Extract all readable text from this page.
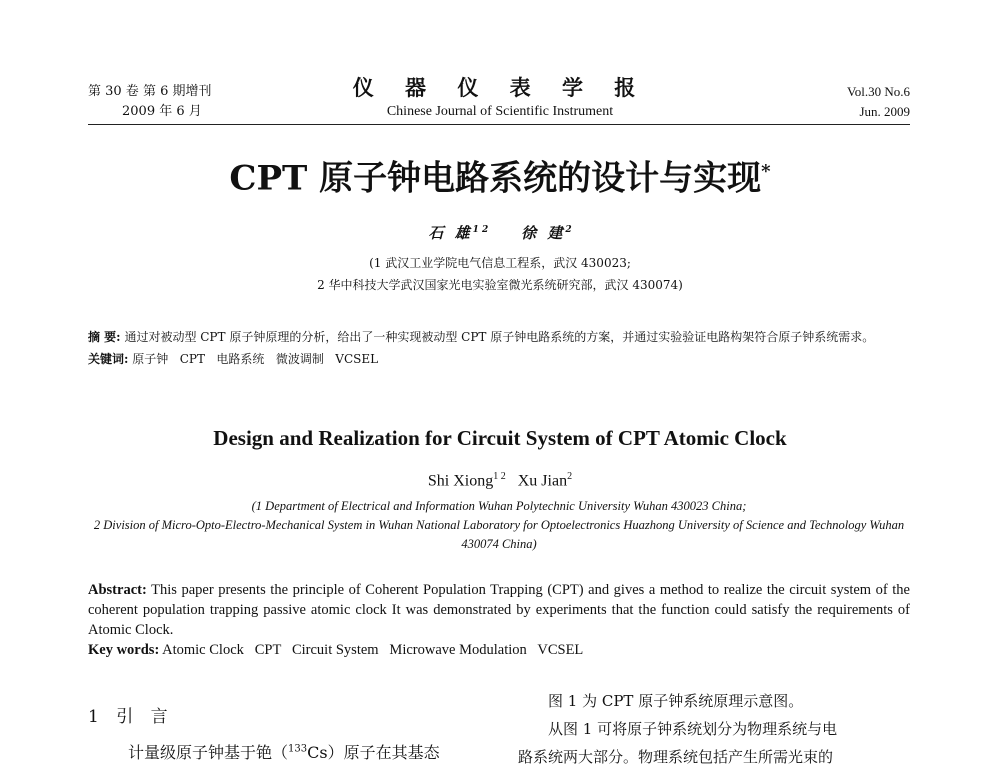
第 30 卷 第 6 期增刊
2009 年 6 月
仪 器 仪 表 学 报
Chinese Journal of Scientific Instrument
Vol.30 No.6
Jun. 2009
CPT 原子钟电路系统的设计与实现*
石 雄$^{1 2}$ 徐 建$^2$
(1 武汉工业学院电气信息工程系，武汉 430023;
2 华中科技大学武汉国家光电实验室微光系统研究部，武汉 430074)
摘 要: 通过对被动型 CPT 原子钟原理的分析，给出了一种实现被动型 CPT 原子钟电路系统的方案，并通过实验验证电路构架符合原子钟系统需求。
关键词: 原子钟   CPT   电路系统   微波调制   VCSEL
Design and Realization for Circuit System of CPT Atomic Clock
Shi Xiong$^{1 2}$ Xu Jian$^2$
(1 Department of Electrical and Information Wuhan Polytechnic University Wuhan 430023 China;
2 Division of Micro-Opto-Electro-Mechanical System in Wuhan National Laboratory for Optoelectronics Huazhong University of Science and Technology Wuhan 430074 China)
Abstract: This paper presents the principle of Coherent Population Trapping (CPT) and gives a method to realize the circuit system of the coherent population trapping passive atomic clock It was demonstrated by experiments that the function could satisfy the requirements of Atomic Clock.
Key words: Atomic Clock   CPT   Circuit System   Microwave Modulation   VCSEL
1 引 言
计量级原子钟基于铯（$^{133}$Cs）原子在其基态
图 1 为 CPT 原子钟系统原理示意图。
从图 1 可将原子钟系统划分为物理系统与电
路系统两大部分。物理系统包括产生所需光束的
